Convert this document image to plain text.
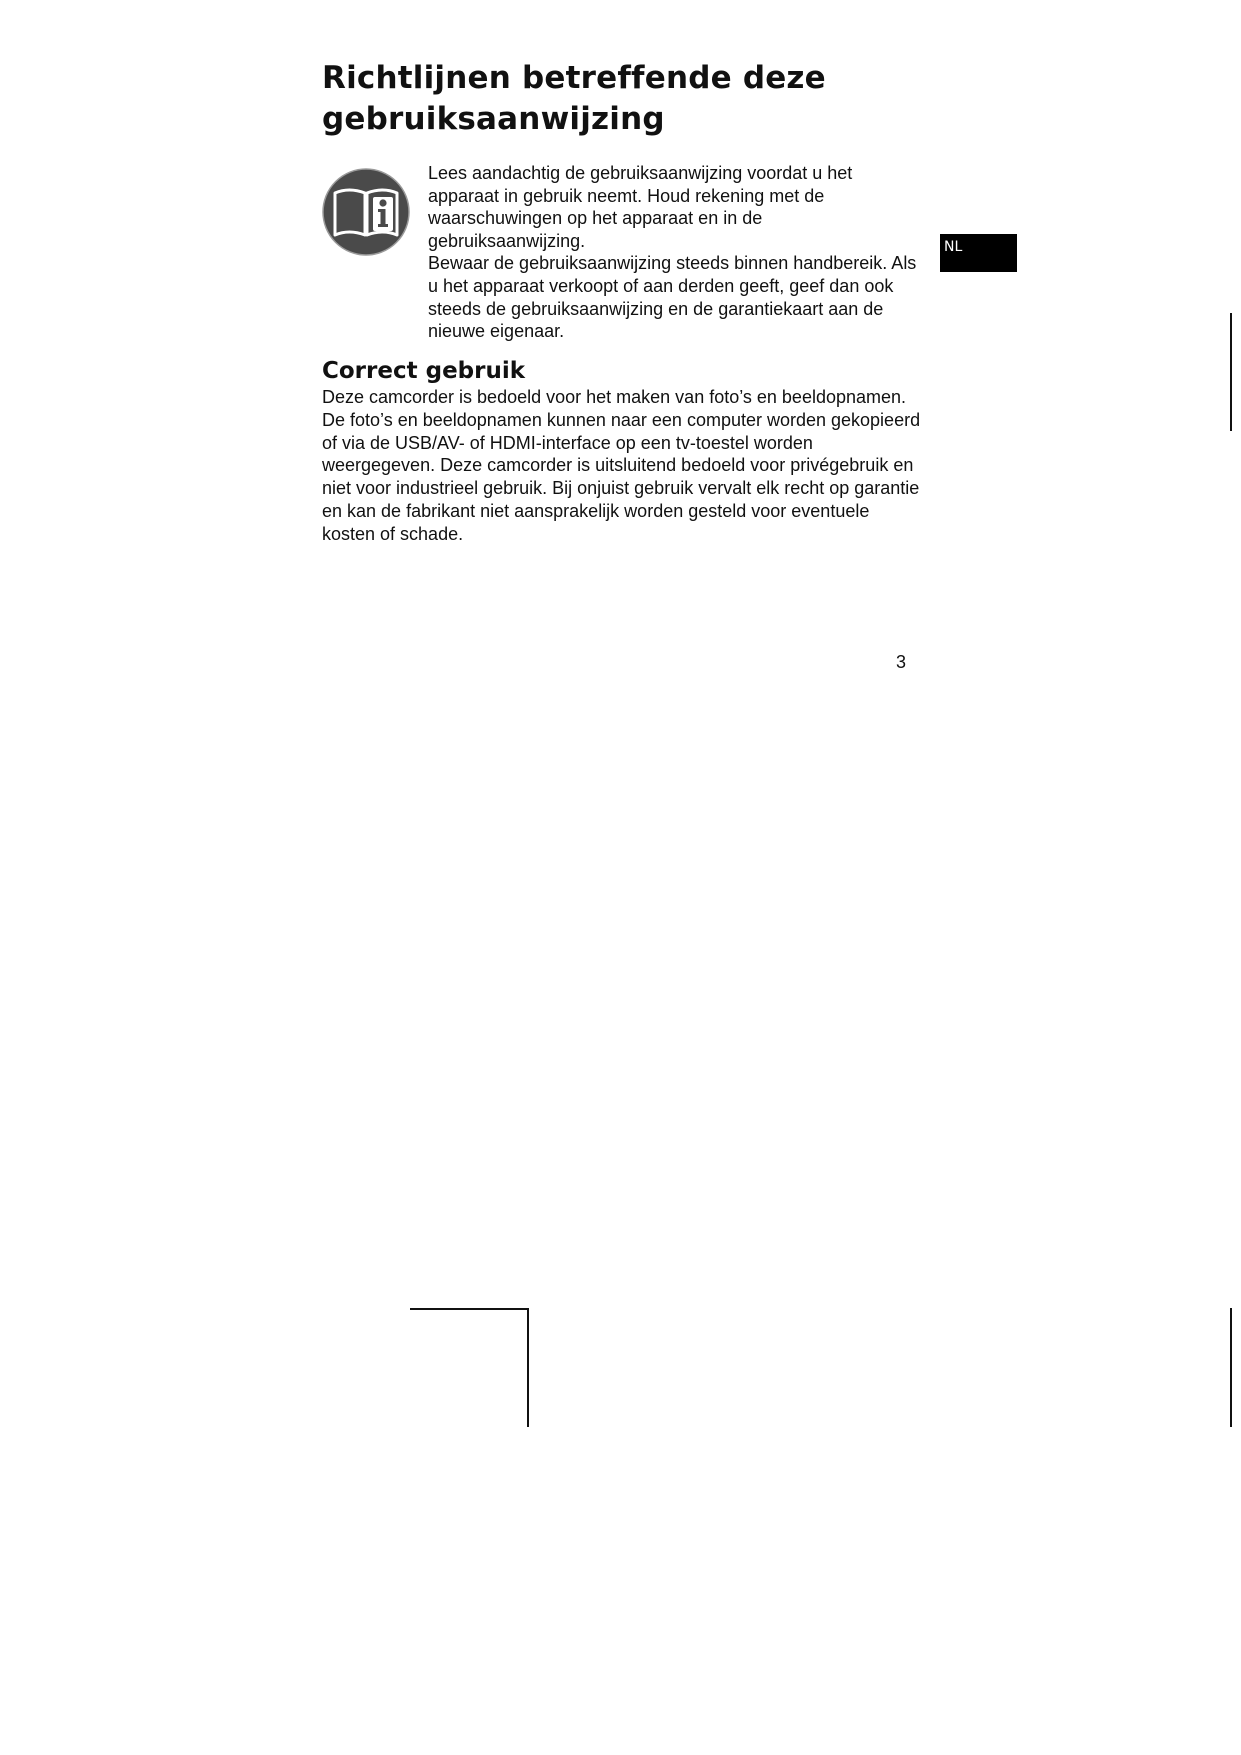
Richtlijnen betreffende deze gebruiksaanwijzing

Lees aandachtig de gebruiksaanwijzing voordat u het apparaat in gebruik neemt. Houd rekening met de waarschuwingen op het apparaat en in de gebruiksaanwijzing.

Bewaar de gebruiksaanwijzing steeds binnen handbereik. Als u het apparaat verkoopt of aan derden geeft, geef dan ook steeds de gebruiksaanwijzing en de garantiekaart aan de nieuwe eigenaar.

Correct gebruik

Deze camcorder is bedoeld voor het maken van foto’s en beeldopnamen. De foto’s en beeldopnamen kunnen naar een computer worden gekopieerd of via de USB/AV- of HDMI-interface op een tv-toestel worden weergegeven. Deze camcorder is uitsluitend bedoeld voor privégebruik en niet voor industrieel gebruik. Bij onjuist gebruik vervalt elk recht op garantie en kan de fabrikant niet aansprakelijk worden gesteld voor eventuele kosten of schade.

3
NL
